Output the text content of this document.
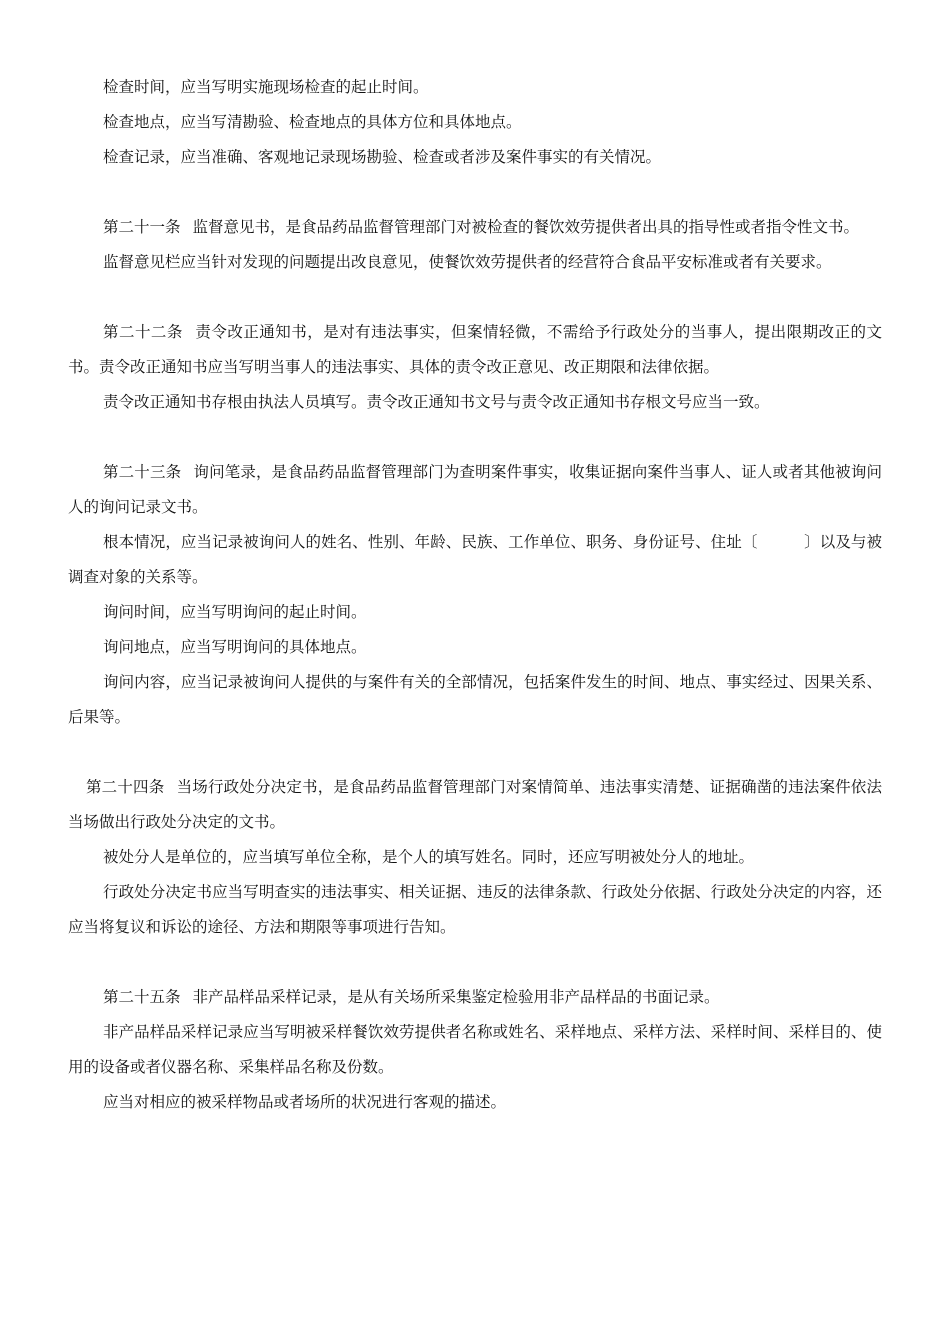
检查时间，应当写明实施现场检查的起止时间。

检查地点，应当写清勘验、检查地点的具体方位和具体地点。

检查记录，应当准确、客观地记录现场勘验、检查或者涉及案件事实的有关情况。

第二十一条 监督意见书，是食品药品监督管理部门对被检查的餐饮效劳提供者出具的指导性或者指令性文书。

监督意见栏应当针对发现的问题提出改良意见，使餐饮效劳提供者的经营符合食品平安标准或者有关要求。

第二十二条 责令改正通知书，是对有违法事实，但案情轻微，不需给予行政处分的当事人，提出限期改正的文书。责令改正通知书应当写明当事人的违法事实、具体的责令改正意见、改正期限和法律依据。

责令改正通知书存根由执法人员填写。责令改正通知书文号与责令改正通知书存根文号应当一致。

第二十三条 询问笔录，是食品药品监督管理部门为查明案件事实，收集证据向案件当事人、证人或者其他被询问人的询问记录文书。

根本情况，应当记录被询问人的姓名、性别、年龄、民族、工作单位、职务、身份证号、住址〔　　　〕以及与被调查对象的关系等。

询问时间，应当写明询问的起止时间。

询问地点，应当写明询问的具体地点。

询问内容，应当记录被询问人提供的与案件有关的全部情况，包括案件发生的时间、地点、事实经过、因果关系、后果等。

第二十四条 当场行政处分决定书，是食品药品监督管理部门对案情简单、违法事实清楚、证据确凿的违法案件依法当场做出行政处分决定的文书。

被处分人是单位的，应当填写单位全称，是个人的填写姓名。同时，还应写明被处分人的地址。

行政处分决定书应当写明查实的违法事实、相关证据、违反的法律条款、行政处分依据、行政处分决定的内容，还应当将复议和诉讼的途径、方法和期限等事项进行告知。

第二十五条 非产品样品采样记录，是从有关场所采集鉴定检验用非产品样品的书面记录。

非产品样品采样记录应当写明被采样餐饮效劳提供者名称或姓名、采样地点、采样方法、采样时间、采样目的、使用的设备或者仪器名称、采集样品名称及份数。

应当对相应的被采样物品或者场所的状况进行客观的描述。
